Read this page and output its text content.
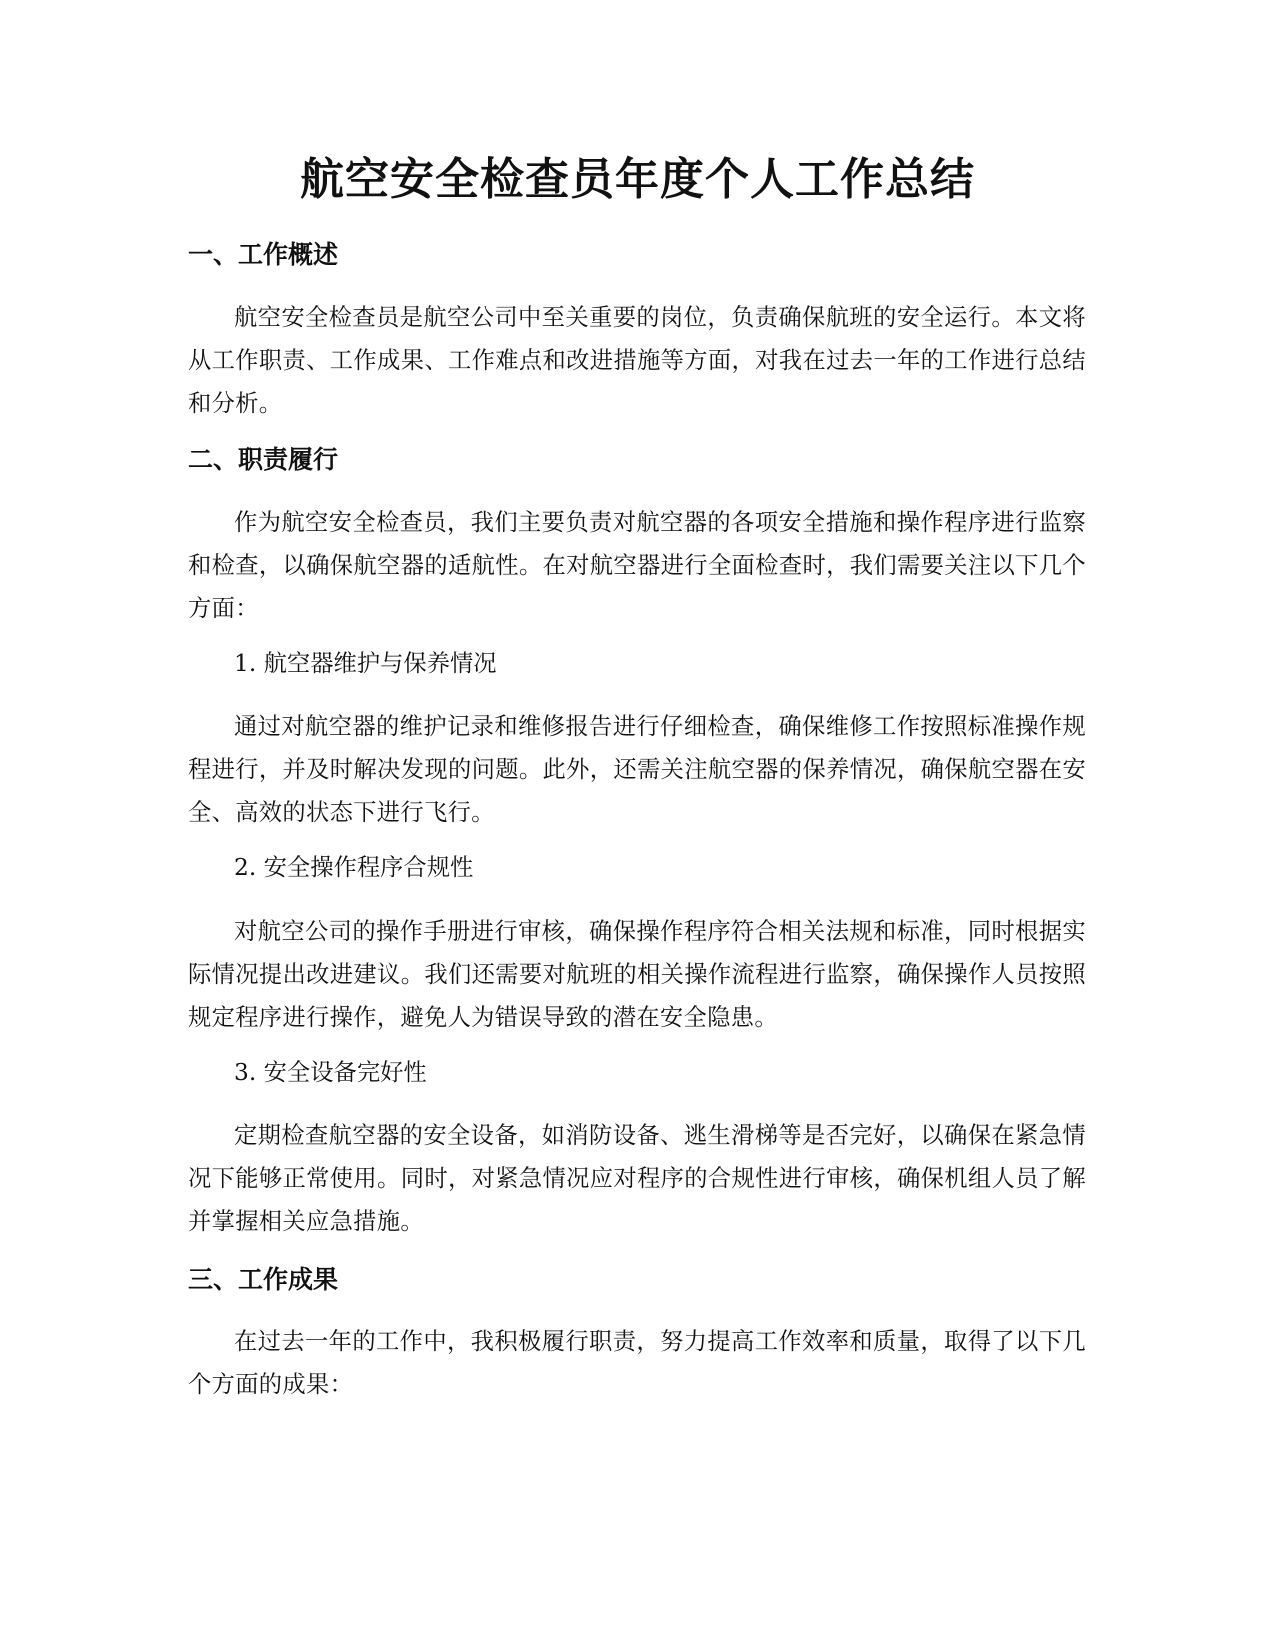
航空安全检查员年度个人工作总结
一、工作概述

航空安全检查员是航空公司中至关重要的岗位，负责确保航班的安全运行。本文将从工作职责、工作成果、工作难点和改进措施等方面，对我在过去一年的工作进行总结和分析。

二、职责履行

作为航空安全检查员，我们主要负责对航空器的各项安全措施和操作程序进行监察和检查，以确保航空器的适航性。在对航空器进行全面检查时，我们需要关注以下几个方面：

1. 航空器维护与保养情况

通过对航空器的维护记录和维修报告进行仔细检查，确保维修工作按照标准操作规程进行，并及时解决发现的问题。此外，还需关注航空器的保养情况，确保航空器在安全、高效的状态下进行飞行。

2. 安全操作程序合规性

对航空公司的操作手册进行审核，确保操作程序符合相关法规和标准，同时根据实际情况提出改进建议。我们还需要对航班的相关操作流程进行监察，确保操作人员按照规定程序进行操作，避免人为错误导致的潜在安全隐患。

3. 安全设备完好性

定期检查航空器的安全设备，如消防设备、逃生滑梯等是否完好，以确保在紧急情况下能够正常使用。同时，对紧急情况应对程序的合规性进行审核，确保机组人员了解并掌握相关应急措施。

三、工作成果

在过去一年的工作中，我积极履行职责，努力提高工作效率和质量，取得了以下几个方面的成果：
